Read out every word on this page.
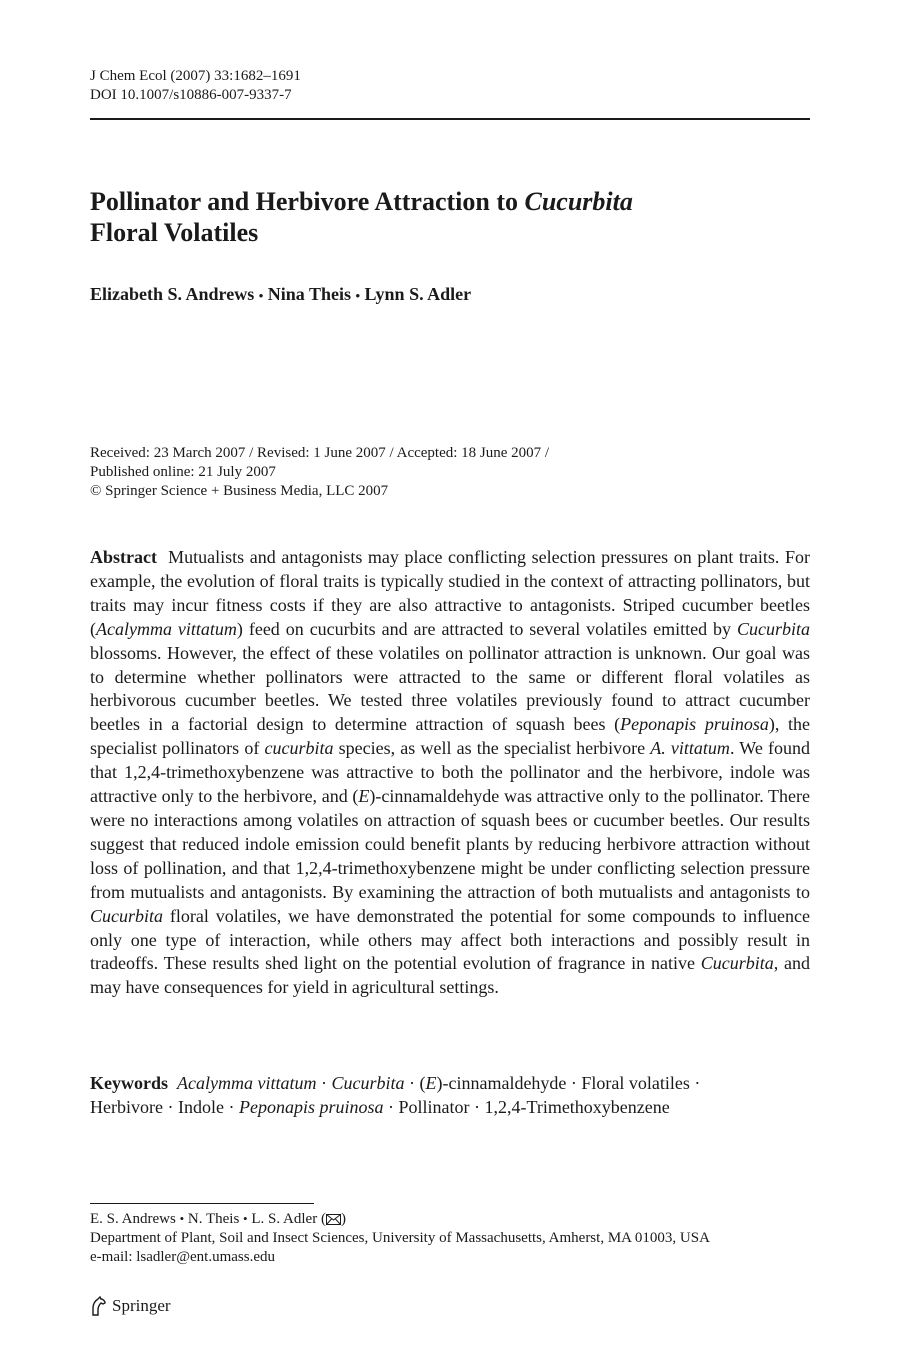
J Chem Ecol (2007) 33:1682–1691
DOI 10.1007/s10886-007-9337-7
Pollinator and Herbivore Attraction to Cucurbita
Floral Volatiles
Elizabeth S. Andrews • Nina Theis • Lynn S. Adler
Received: 23 March 2007 / Revised: 1 June 2007 / Accepted: 18 June 2007 /
Published online: 21 July 2007
© Springer Science + Business Media, LLC 2007
Abstract Mutualists and antagonists may place conflicting selection pressures on plant traits. For example, the evolution of floral traits is typically studied in the context of attracting pollinators, but traits may incur fitness costs if they are also attractive to antagonists. Striped cucumber beetles (Acalymma vittatum) feed on cucurbits and are attracted to several volatiles emitted by Cucurbita blossoms. However, the effect of these volatiles on pollinator attraction is unknown. Our goal was to determine whether pollinators were attracted to the same or different floral volatiles as herbivorous cucumber beetles. We tested three volatiles previously found to attract cucumber beetles in a factorial design to determine attraction of squash bees (Peponapis pruinosa), the specialist pollinators of cucurbita species, as well as the specialist herbivore A. vittatum. We found that 1,2,4-trimethoxybenzene was attractive to both the pollinator and the herbivore, indole was attractive only to the herbivore, and (E)-cinnamaldehyde was attractive only to the pollinator. There were no interactions among volatiles on attraction of squash bees or cucumber beetles. Our results suggest that reduced indole emission could benefit plants by reducing herbivore attraction without loss of pollination, and that 1,2,4-trimethoxybenzene might be under conflicting selection pressure from mutualists and antagonists. By examining the attraction of both mutualists and antagonists to Cucurbita floral volatiles, we have demonstrated the potential for some compounds to influence only one type of interaction, while others may affect both interactions and possibly result in tradeoffs. These results shed light on the potential evolution of fragrance in native Cucurbita, and may have consequences for yield in agricultural settings.
Keywords Acalymma vittatum · Cucurbita · (E)-cinnamaldehyde · Floral volatiles ·
Herbivore · Indole · Peponapis pruinosa · Pollinator · 1,2,4-Trimethoxybenzene
E. S. Andrews • N. Theis • L. S. Adler ( )
Department of Plant, Soil and Insect Sciences, University of Massachusetts, Amherst, MA 01003, USA
e-mail: lsadler@ent.umass.edu
Springer
